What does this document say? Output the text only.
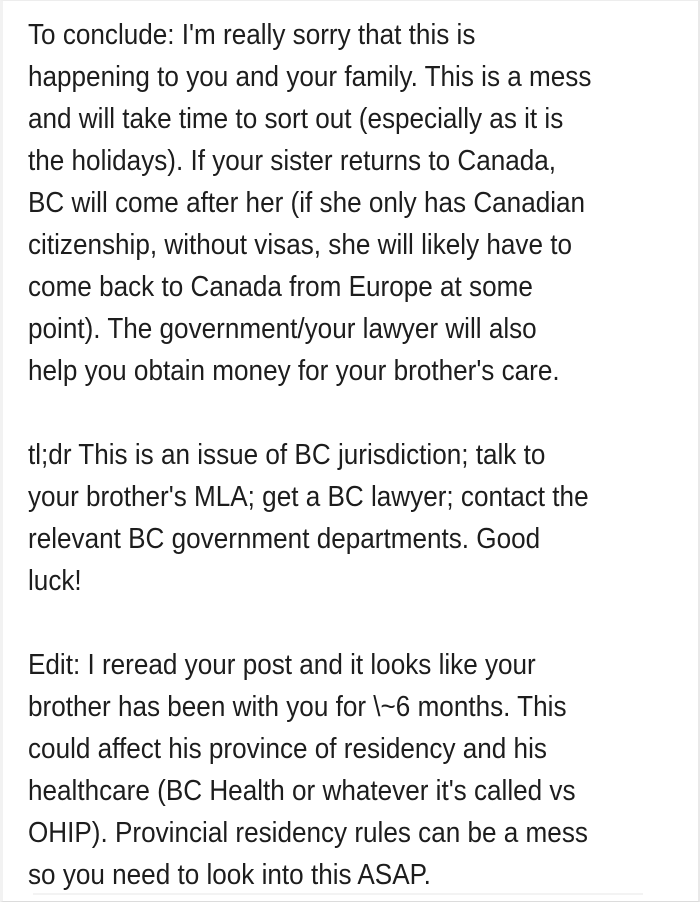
To conclude: I'm really sorry that this is
happening to you and your family. This is a mess
and will take time to sort out (especially as it is
the holidays). If your sister returns to Canada,
BC will come after her (if she only has Canadian
citizenship, without visas, she will likely have to
come back to Canada from Europe at some
point). The government/your lawyer will also
help you obtain money for your brother's care.
tl;dr This is an issue of BC jurisdiction; talk to
your brother's MLA; get a BC lawyer; contact the
relevant BC government departments. Good
luck!
Edit: I reread your post and it looks like your
brother has been with you for \~6 months. This
could affect his province of residency and his
healthcare (BC Health or whatever it's called vs
OHIP). Provincial residency rules can be a mess
so you need to look into this ASAP.
